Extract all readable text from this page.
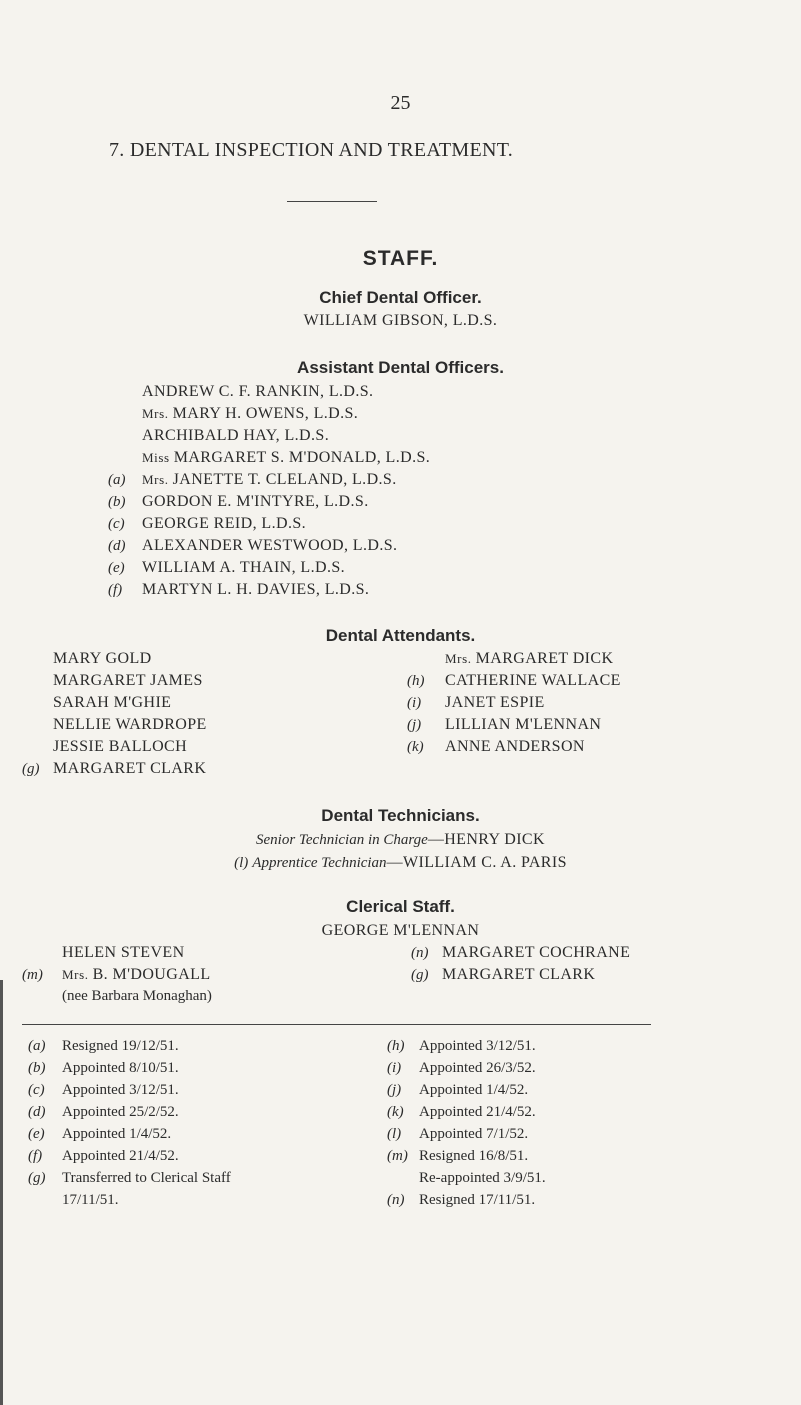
25
7. DENTAL INSPECTION AND TREATMENT.
STAFF.
Chief Dental Officer.
WILLIAM GIBSON, L.D.S.
Assistant Dental Officers.
ANDREW C. F. RANKIN, L.D.S.
Mrs. MARY H. OWENS, L.D.S.
ARCHIBALD HAY, L.D.S.
Miss MARGARET S. M'DONALD, L.D.S.
(a) Mrs. JANETTE T. CLELAND, L.D.S.
(b) GORDON E. M'INTYRE, L.D.S.
(c) GEORGE REID, L.D.S.
(d) ALEXANDER WESTWOOD, L.D.S.
(e) WILLIAM A. THAIN, L.D.S.
(f) MARTYN L. H. DAVIES, L.D.S.
Dental Attendants.
MARY GOLD
MARGARET JAMES
SARAH M'GHIE
NELLIE WARDROPE
JESSIE BALLOCH
(g) MARGARET CLARK
Mrs. MARGARET DICK
(h) CATHERINE WALLACE
(i) JANET ESPIE
(j) LILLIAN M'LENNAN
(k) ANNE ANDERSON
Dental Technicians.
Senior Technician in Charge—HENRY DICK
(l) Apprentice Technician—WILLIAM C. A. PARIS
Clerical Staff.
GEORGE M'LENNAN
HELEN STEVEN
(m) Mrs. B. M'DOUGALL
(nee Barbara Monaghan)
(n) MARGARET COCHRANE
(g) MARGARET CLARK
(a) Resigned 19/12/51.
(b) Appointed 8/10/51.
(c) Appointed 3/12/51.
(d) Appointed 25/2/52.
(e) Appointed 1/4/52.
(f) Appointed 21/4/52.
(g) Transferred to Clerical Staff
17/11/51.
(h) Appointed 3/12/51.
(i) Appointed 26/3/52.
(j) Appointed 1/4/52.
(k) Appointed 21/4/52.
(l) Appointed 7/1/52.
(m) Resigned 16/8/51.
Re-appointed 3/9/51.
(n) Resigned 17/11/51.
